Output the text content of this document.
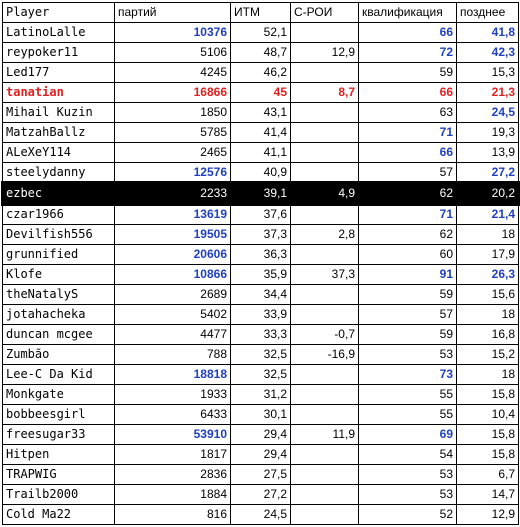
Player	партий	ИТМ	С-РОИ	квалификация	позднее
LatinoLalle	10376	52,1		66	41,8
reypoker11	5106	48,7	12,9	72	42,3
Led177	4245	46,2		59	15,3
tanatian	16866	45	8,7	66	21,3
Mihail Kuzin	1850	43,1		63	24,5
MatzahBallz	5785	41,4		71	19,3
ALeXeY114	2465	41,1		66	13,9
steelydanny	12576	40,9		57	27,2
ezbec	2233	39,1	4,9	62	20,2
czar1966	13619	37,6		71	21,4
Devilfish556	19505	37,3	2,8	62	18
grunnified	20606	36,3		60	17,9
Klofe	10866	35,9	37,3	91	26,3
theNatalyS	2689	34,4		59	15,6
jotahacheka	5402	33,9		57	18
duncan mcgee	4477	33,3	-0,7	59	16,8
Zumbão	788	32,5	-16,9	53	15,2
Lee-C Da Kid	18818	32,5		73	18
Monkgate	1933	31,2		55	15,8
bobbeesgirl	6433	30,1		55	10,4
freesugar33	53910	29,4	11,9	69	15,8
Hitpen	1817	29,4		54	15,8
TRAPWIG	2836	27,5		53	6,7
Trailb2000	1884	27,2		53	14,7
Cold Ma22	816	24,5		52	12,9
